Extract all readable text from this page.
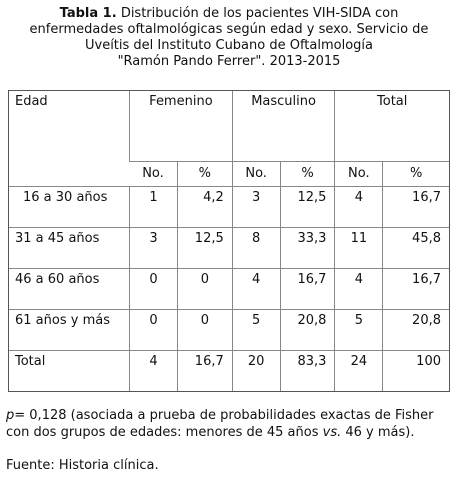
Tabla 1. Distribución de los pacientes VIH-SIDA con
enfermedades oftalmológicas según edad y sexo. Servicio de
Uveítis del Instituto Cubano de Oftalmología
"Ramón Pando Ferrer". 2013-2015
Edad	Femenino		Masculino		Total	
	No.	%	No.	%	No.	%
16 a 30 años	1	4,2	3	12,5	4	16,7
31 a 45 años	3	12,5	8	33,3	11	45,8
46 a 60 años	0	0	4	16,7	4	16,7
61 años y más	0	0	5	20,8	5	20,8
Total	4	16,7	20	83,3	24	100
p= 0,128 (asociada a prueba de probabilidades exactas de Fisher con dos grupos de edades: menores de 45 años vs. 46 y más).
Fuente: Historia clínica.
